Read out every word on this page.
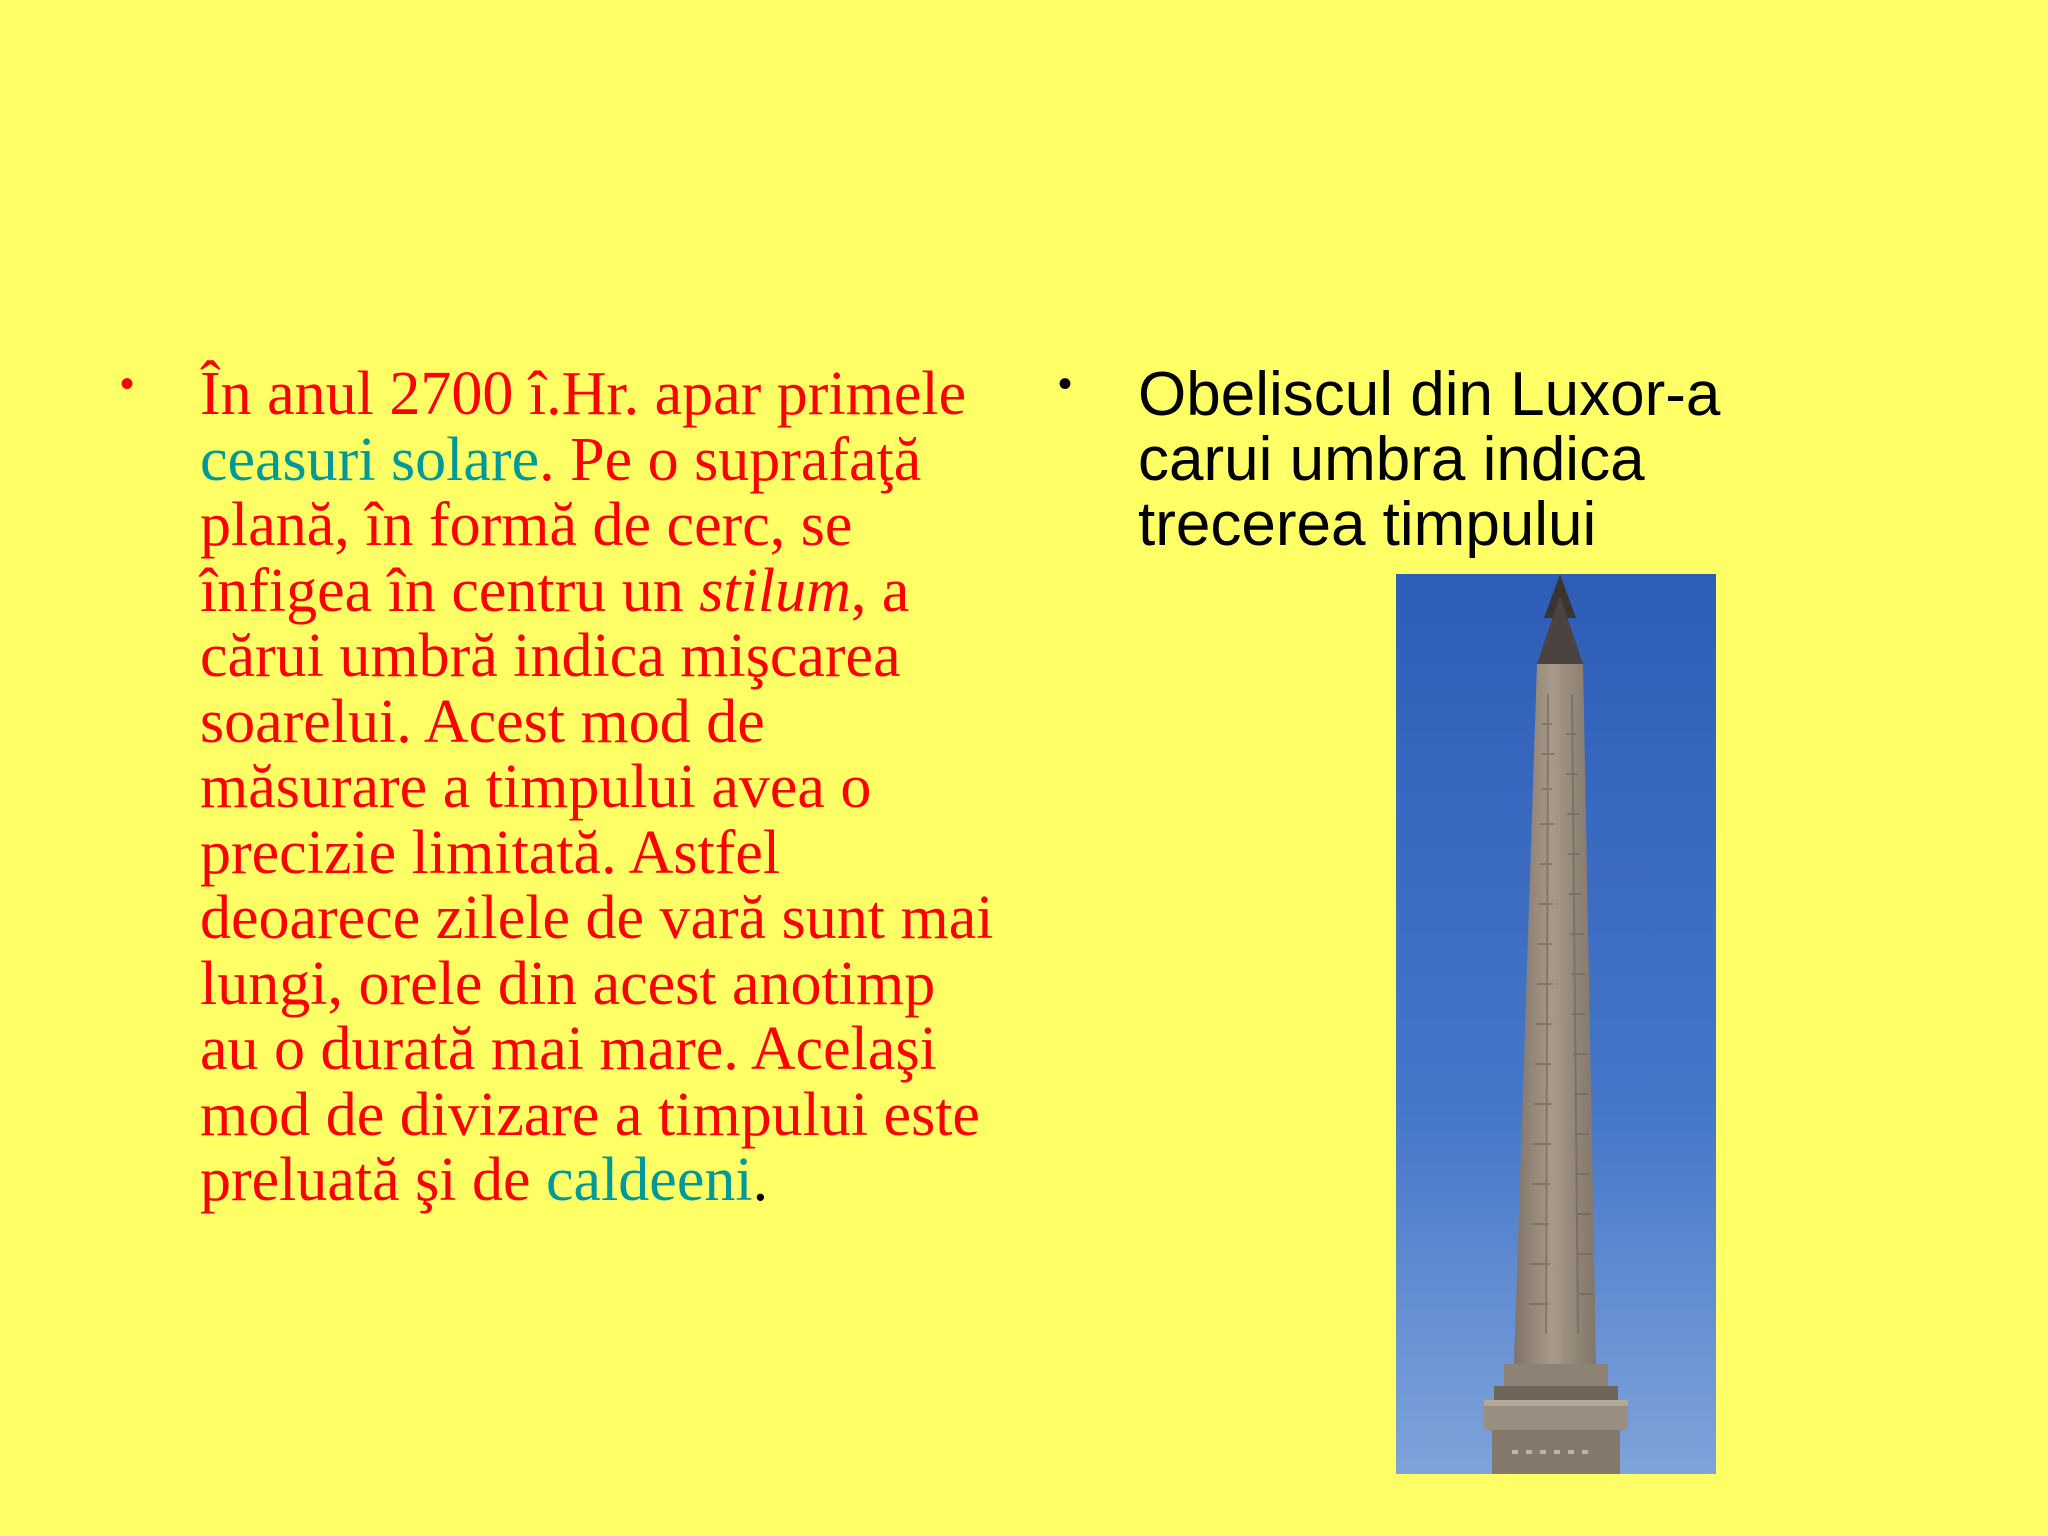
• În anul 2700 î.Hr. apar primele ceasuri solare. Pe o suprafaţă plană, în formă de cerc, se înfigea în centru un stilum, a cărui umbră indica mişcarea soarelui. Acest mod de măsurare a timpului avea o precizie limitată. Astfel deoarece zilele de vară sunt mai lungi, orele din acest anotimp au o durată mai mare. Acelaşi mod de divizare a timpului este preluată şi de caldeeni.
• Obeliscul din Luxor-a carui umbra indica trecerea timpului
